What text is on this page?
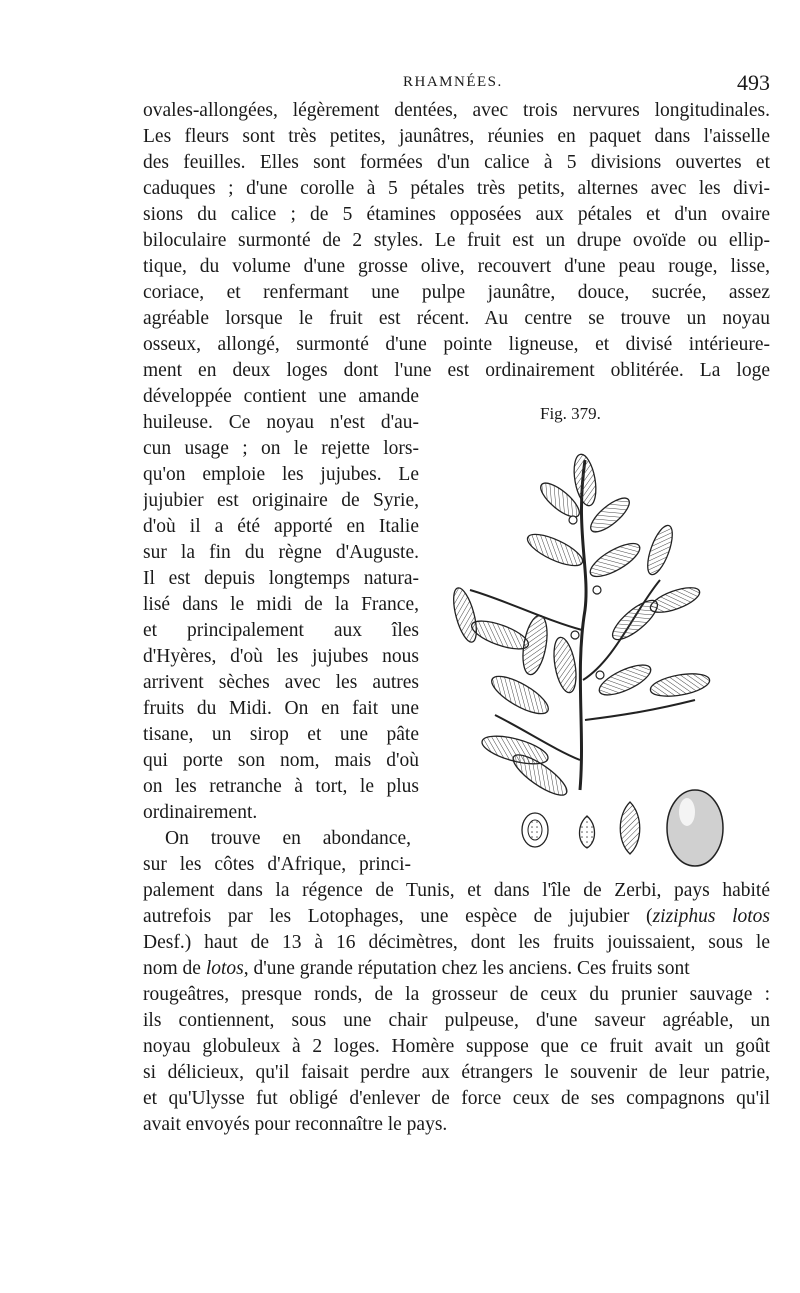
RHAMNÉES.	493
ovales-allongées, légèrement dentées, avec trois nervures longitudinales.
Les fleurs sont très petites, jaunâtres, réunies en paquet dans l'aisselle
des feuilles. Elles sont formées d'un calice à 5 divisions ouvertes et
caduques ; d'une corolle à 5 pétales très petits, alternes avec les divi-
sions du calice ; de 5 étamines opposées aux pétales et d'un ovaire
biloculaire surmonté de 2 styles. Le fruit est un drupe ovoïde ou ellip-
tique, du volume d'une grosse olive, recouvert d'une peau rouge, lisse,
coriace, et renfermant une pulpe jaunâtre, douce, sucrée, assez
agréable lorsque le fruit est récent. Au centre se trouve un noyau
osseux, allongé, surmonté d'une pointe ligneuse, et divisé intérieure-
ment en deux loges dont l'une est ordinairement oblitérée. La loge
développée contient une amande
huileuse. Ce noyau n'est d'au-
cun usage ; on le rejette lors-
qu'on emploie les jujubes. Le
jujubier est originaire de Syrie,
d'où il a été apporté en Italie
sur la fin du règne d'Auguste.
Il est depuis longtemps natura-
lisé dans le midi de la France,
et principalement aux îles
d'Hyères, d'où les jujubes nous
arrivent sèches avec les autres
fruits du Midi. On en fait une
tisane, un sirop et une pâte
qui porte son nom, mais d'où
on les retranche à tort, le plus
ordinairement.
On trouve en abondance,
sur les côtes d'Afrique, princi-
palement dans la régence de Tunis, et dans l'île de Zerbi, pays habité
autrefois par les Lotophages, une espèce de jujubier (ziziphus lotos
Desf.) haut de 13 à 16 décimètres, dont les fruits jouissaient, sous le
nom de lotos, d'une grande réputation chez les anciens. Ces fruits sont
rougeâtres, presque ronds, de la grosseur de ceux du prunier sauvage :
ils contiennent, sous une chair pulpeuse, d'une saveur agréable, un
noyau globuleux à 2 loges. Homère suppose que ce fruit avait un goût
si délicieux, qu'il faisait perdre aux étrangers le souvenir de leur patrie,
et qu'Ulysse fut obligé d'enlever de force ceux de ses compagnons qu'il
avait envoyés pour reconnaître le pays.
Fig. 379.
